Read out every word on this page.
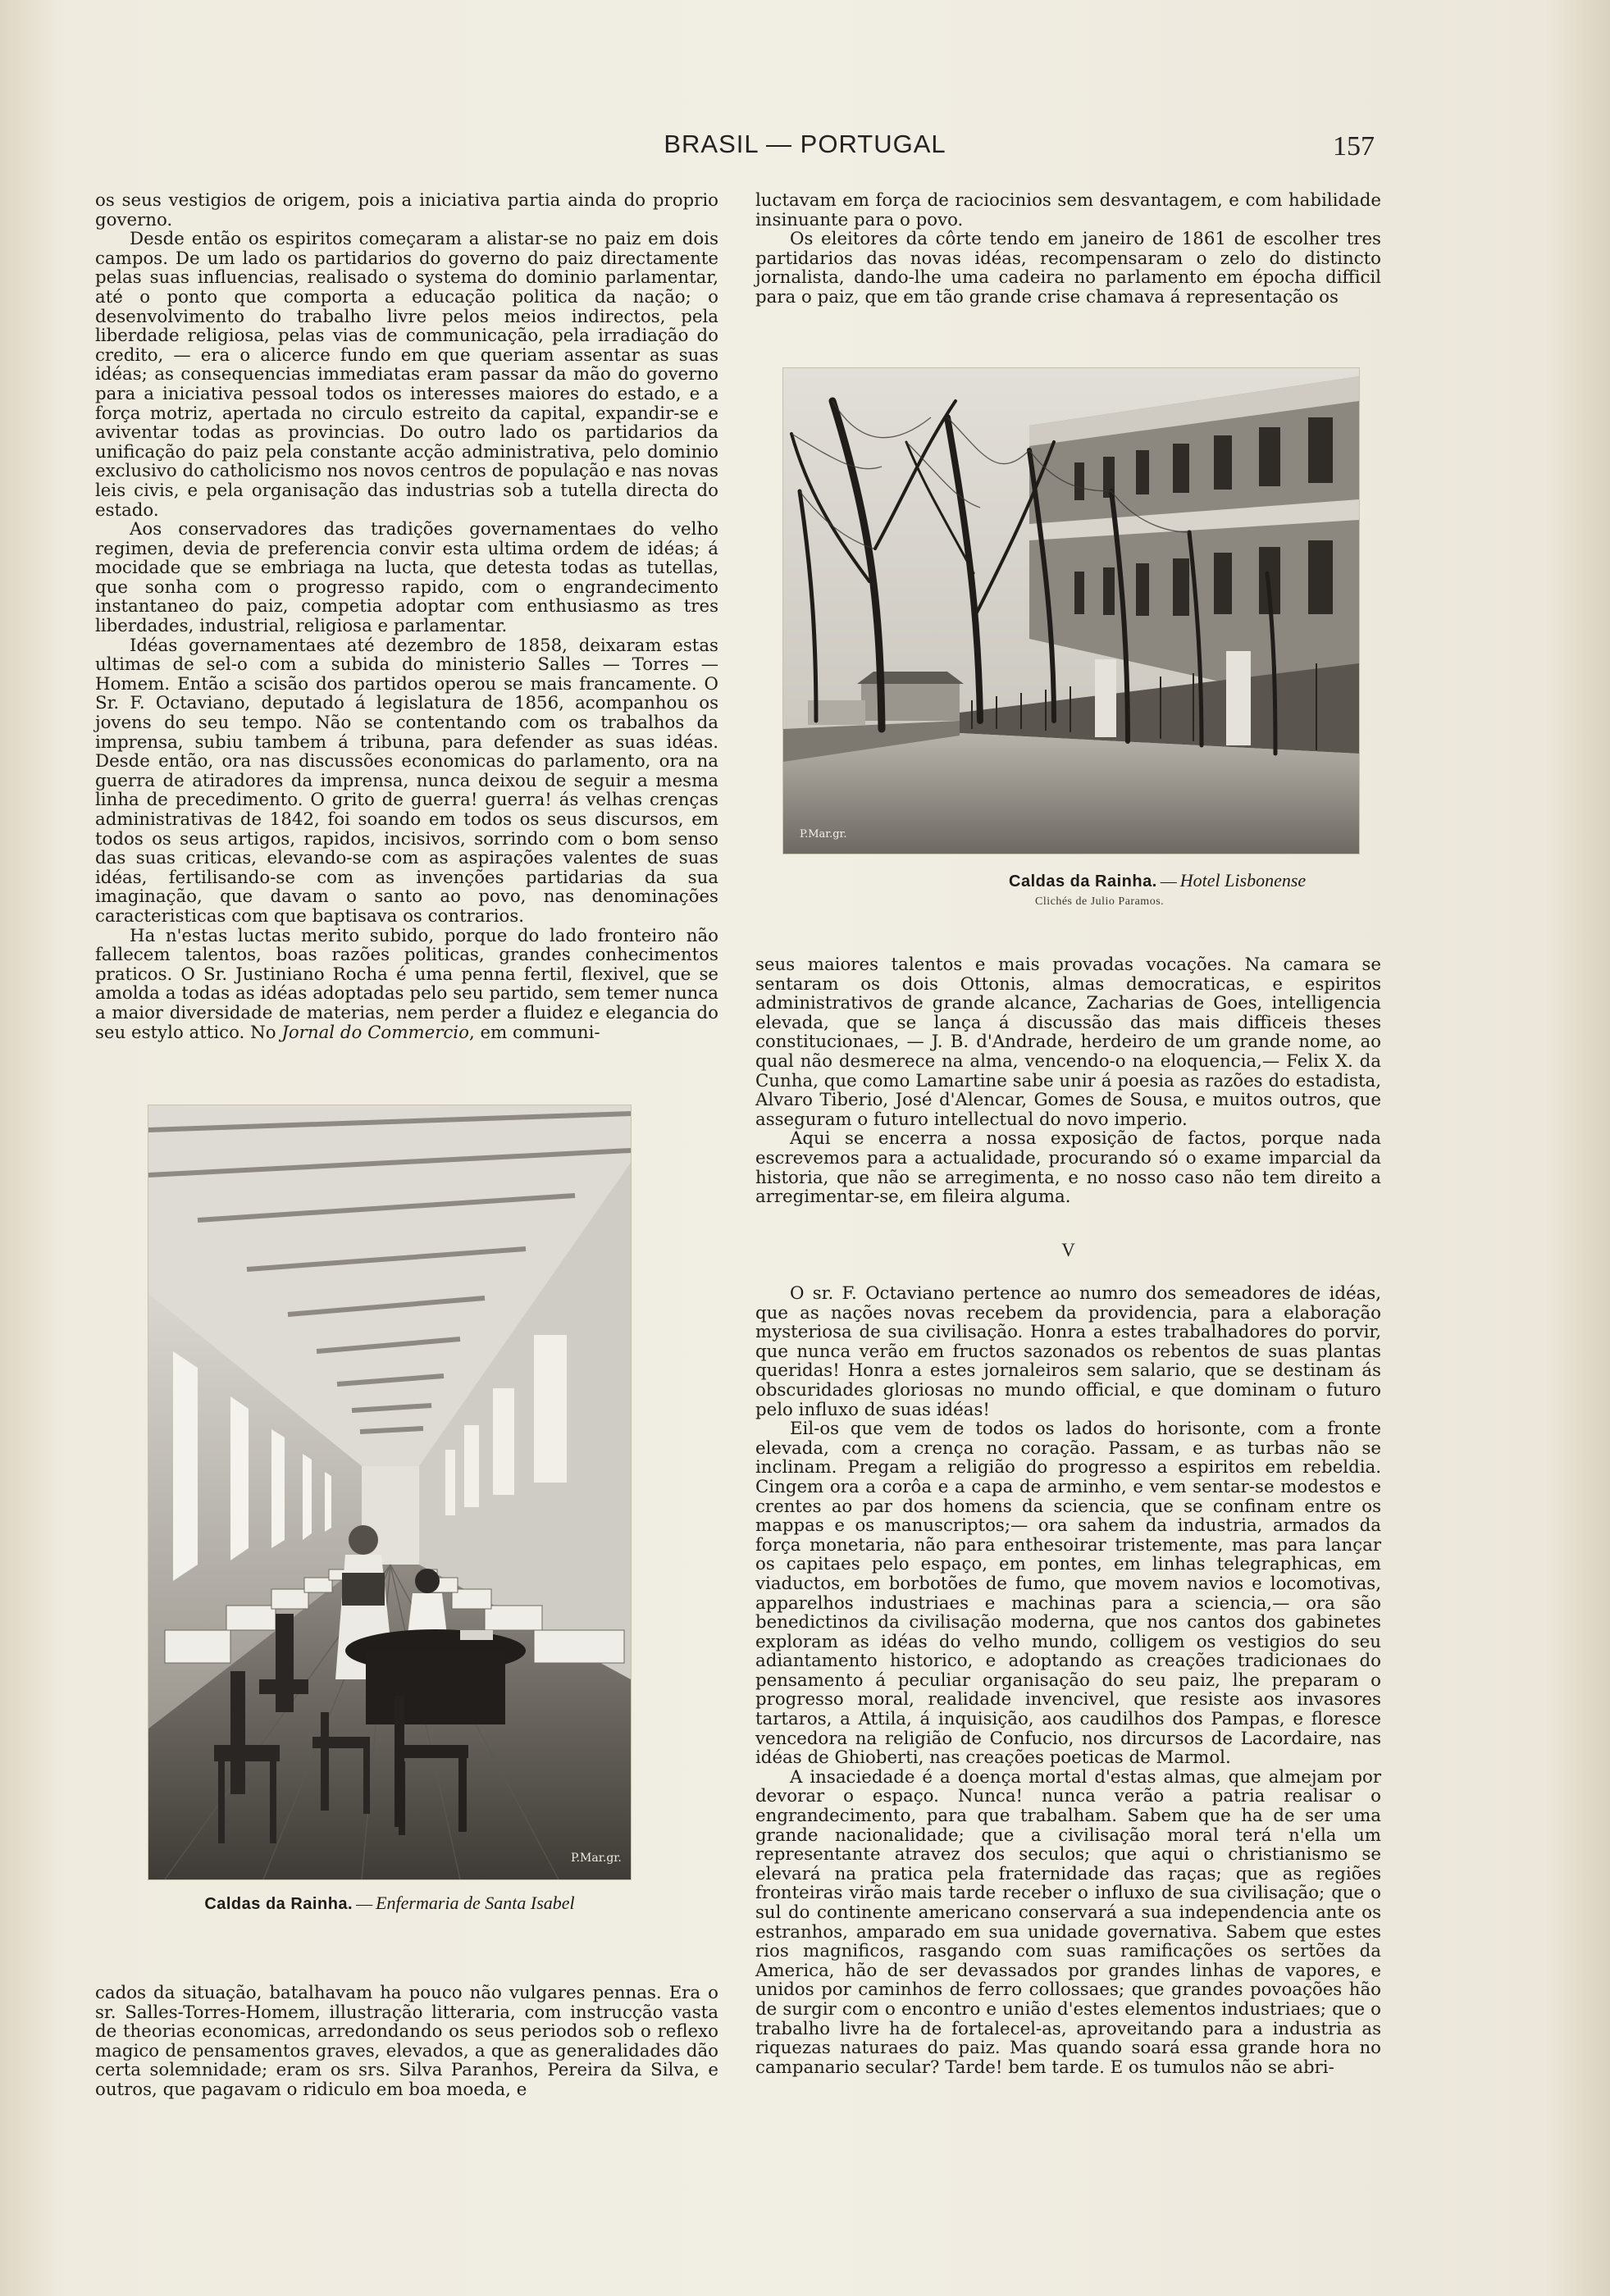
BRASIL — PORTUGAL	157

os seus vestigios de origem, pois a iniciativa partia ainda do proprio governo.

Desde então os espiritos começaram a alistar-se no paiz em dois campos. De um lado os partidarios do governo do paiz directamente pelas suas influencias, realisado o systema do dominio parlamentar, até o ponto que comporta a educação politica da nação; o desenvolvimento do trabalho livre pelos meios indirectos, pela liberdade religiosa, pelas vias de communicação, pela irradiação do credito, — era o alicerce fundo em que queriam assentar as suas idéas; as consequencias immediatas eram passar da mão do governo para a iniciativa pessoal todos os interesses maiores do estado, e a força motriz, apertada no circulo estreito da capital, expandir-se e aviventar todas as provincias. Do outro lado os partidarios da unificação do paiz pela constante acção administrativa, pelo dominio exclusivo do catholicismo nos novos centros de população e nas novas leis civis, e pela organisação das industrias sob a tutella directa do estado.

Aos conservadores das tradições governamentaes do velho regimen, devia de preferencia convir esta ultima ordem de idéas; á mocidade que se embriaga na lucta, que detesta todas as tutellas, que sonha com o progresso rapido, com o engrandecimento instantaneo do paiz, competia adoptar com enthusiasmo as tres liberdades, industrial, religiosa e parlamentar.

Idéas governamentaes até dezembro de 1858, deixaram estas ultimas de sel-o com a subida do ministerio Salles — Torres — Homem. Então a scisão dos partidos operou se mais francamente. O Sr. F. Octaviano, deputado á legislatura de 1856, acompanhou os jovens do seu tempo. Não se contentando com os trabalhos da imprensa, subiu tambem á tribuna, para defender as suas idéas. Desde então, ora nas discussões economicas do parlamento, ora na guerra de atiradores da imprensa, nunca deixou de seguir a mesma linha de precedimento. O grito de guerra! guerra! ás velhas crenças administrativas de 1842, foi soando em todos os seus discursos, em todos os seus artigos, rapidos, incisivos, sorrindo com o bom senso das suas criticas, elevando-se com as aspirações valentes de suas idéas, fertilisando-se com as invenções partidarias da sua imaginação, que davam o santo ao povo, nas denominações caracteristicas com que baptisava os contrarios.

Ha n'estas luctas merito subido, porque do lado fronteiro não fallecem talentos, boas razões politicas, grandes conhecimentos praticos. O Sr. Justiniano Rocha é uma penna fertil, flexivel, que se amolda a todas as idéas adoptadas pelo seu partido, sem temer nunca a maior diversidade de materias, nem perder a fluidez e elegancia do seu estylo attico. No Jornal do Commercio, em communi-

P.Mar.gr.
Caldas da Rainha. — Enfermaria de Santa Isabel

cados da situação, batalhavam ha pouco não vulgares pennas. Era o sr. Salles-Torres-Homem, illustração litteraria, com instrucção vasta de theorias economicas, arredondando os seus periodos sob o reflexo magico de pensamentos graves, elevados, a que as generalidades dão certa solemnidade; eram os srs. Silva Paranhos, Pereira da Silva, e outros, que pagavam o ridiculo em boa moeda, e

luctavam em força de raciocinios sem desvantagem, e com habilidade insinuante para o povo.

Os eleitores da côrte tendo em janeiro de 1861 de escolher tres partidarios das novas idéas, recompensaram o zelo do distincto jornalista, dando-lhe uma cadeira no parlamento em épocha difficil para o paiz, que em tão grande crise chamava á representação os

P.Mar.gr.
Caldas da Rainha. — Hotel Lisbonense
Clichés de Julio Paramos.

seus maiores talentos e mais provadas vocações. Na camara se sentaram os dois Ottonis, almas democraticas, e espiritos administrativos de grande alcance, Zacharias de Goes, intelligencia elevada, que se lança á discussão das mais difficeis theses constitucionaes, — J. B. d'Andrade, herdeiro de um grande nome, ao qual não desmerece na alma, vencendo-o na eloquencia,— Felix X. da Cunha, que como Lamartine sabe unir á poesia as razões do estadista, Alvaro Tiberio, José d'Alencar, Gomes de Sousa, e muitos outros, que asseguram o futuro intellectual do novo imperio.

Aqui se encerra a nossa exposição de factos, porque nada escrevemos para a actualidade, procurando só o exame imparcial da historia, que não se arregimenta, e no nosso caso não tem direito a arregimentar-se, em fileira alguma.

V

O sr. F. Octaviano pertence ao numro dos semeadores de idéas, que as nações novas recebem da providencia, para a elaboração mysteriosa de sua civilisação. Honra a estes trabalhadores do porvir, que nunca verão em fructos sazonados os rebentos de suas plantas queridas! Honra a estes jornaleiros sem salario, que se destinam ás obscuridades gloriosas no mundo official, e que dominam o futuro pelo influxo de suas idéas!

Eil-os que vem de todos os lados do horisonte, com a fronte elevada, com a crença no coração. Passam, e as turbas não se inclinam. Pregam a religião do progresso a espiritos em rebeldia. Cingem ora a corôa e a capa de arminho, e vem sentar-se modestos e crentes ao par dos homens da sciencia, que se confinam entre os mappas e os manuscriptos;— ora sahem da industria, armados da força monetaria, não para enthesoirar tristemente, mas para lançar os capitaes pelo espaço, em pontes, em linhas telegraphicas, em viaductos, em borbotões de fumo, que movem navios e locomotivas, apparelhos industriaes e machinas para a sciencia,— ora são benedictinos da civilisação moderna, que nos cantos dos gabinetes exploram as idéas do velho mundo, colligem os vestigios do seu adiantamento historico, e adoptando as creações tradicionaes do pensamento á peculiar organisação do seu paiz, lhe preparam o progresso moral, realidade invencivel, que resiste aos invasores tartaros, a Attila, á inquisição, aos caudilhos dos Pampas, e floresce vencedora na religião de Confucio, nos dircursos de Lacordaire, nas idéas de Ghioberti, nas creações poeticas de Marmol.

A insaciedade é a doença mortal d'estas almas, que almejam por devorar o espaço. Nunca! nunca verão a patria realisar o engrandecimento, para que trabalham. Sabem que ha de ser uma grande nacionalidade; que a civilisação moral terá n'ella um representante atravez dos seculos; que aqui o christianismo se elevará na pratica pela fraternidade das raças; que as regiões fronteiras virão mais tarde receber o influxo de sua civilisação; que o sul do continente americano conservará a sua independencia ante os estranhos, amparado em sua unidade governativa. Sabem que estes rios magnificos, rasgando com suas ramificações os sertões da America, hão de ser devassados por grandes linhas de vapores, e unidos por caminhos de ferro collossaes; que grandes povoações hão de surgir com o encontro e união d'estes elementos industriaes; que o trabalho livre ha de fortalecel-as, aproveitando para a industria as riquezas naturaes do paiz. Mas quando soará essa grande hora no campanario secular? Tarde! bem tarde. E os tumulos não se abri-
